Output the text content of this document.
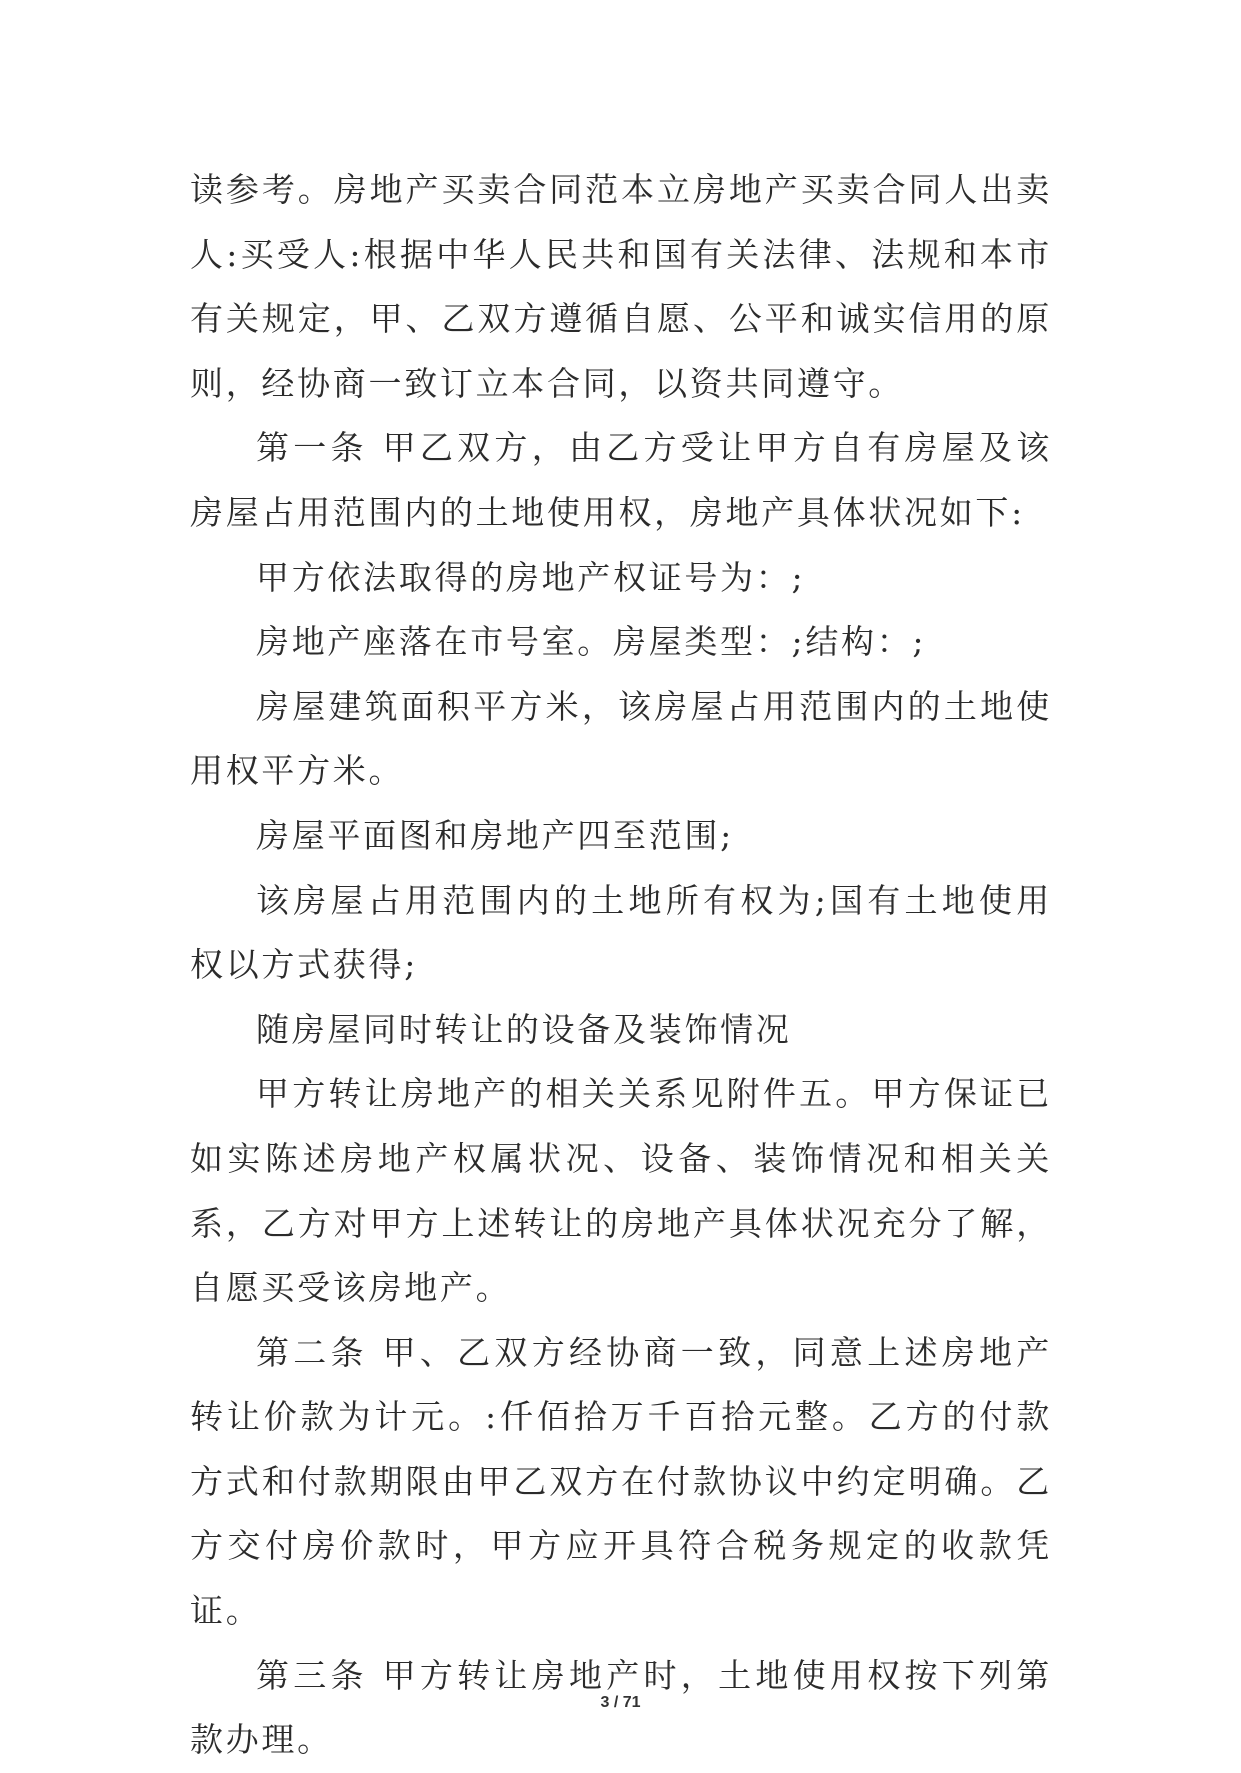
读参考。房地产买卖合同范本立房地产买卖合同人出卖人:买受人:根据中华人民共和国有关法律、法规和本市有关规定，甲、乙双方遵循自愿、公平和诚实信用的原则，经协商一致订立本合同，以资共同遵守。

第一条 甲乙双方，由乙方受让甲方自有房屋及该房屋占用范围内的土地使用权，房地产具体状况如下:

甲方依法取得的房地产权证号为：;

房地产座落在市号室。房屋类型：;结构：;

房屋建筑面积平方米，该房屋占用范围内的土地使用权平方米。

房屋平面图和房地产四至范围;

该房屋占用范围内的土地所有权为;国有土地使用权以方式获得;

随房屋同时转让的设备及装饰情况

甲方转让房地产的相关关系见附件五。甲方保证已如实陈述房地产权属状况、设备、装饰情况和相关关系，乙方对甲方上述转让的房地产具体状况充分了解，自愿买受该房地产。

第二条 甲、乙双方经协商一致，同意上述房地产转让价款为计元。:仟佰拾万千百拾元整。乙方的付款方式和付款期限由甲乙双方在付款协议中约定明确。乙方交付房价款时，甲方应开具符合税务规定的收款凭证。

第三条 甲方转让房地产时，土地使用权按下列第款办理。

3 / 71
